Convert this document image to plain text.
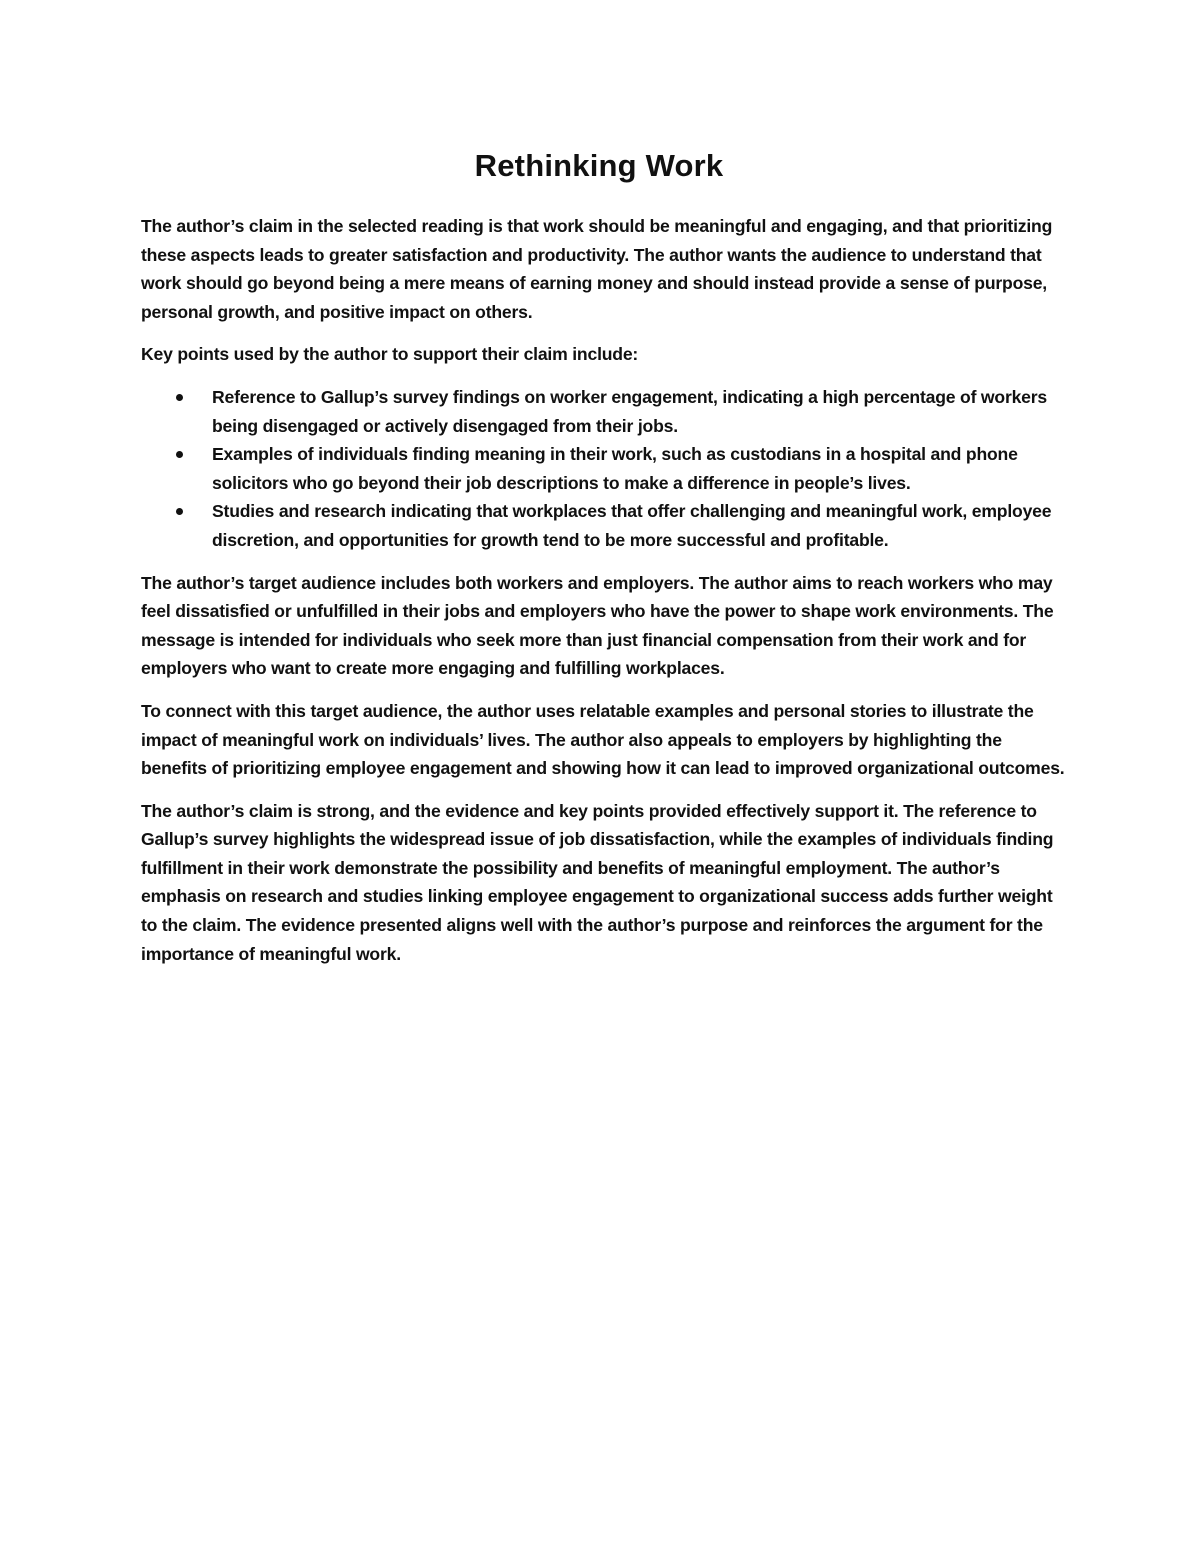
Rethinking Work

The author’s claim in the selected reading is that work should be meaningful and engaging, and that prioritizing these aspects leads to greater satisfaction and productivity. The author wants the audience to understand that work should go beyond being a mere means of earning money and should instead provide a sense of purpose, personal growth, and positive impact on others.

Key points used by the author to support their claim include:

Reference to Gallup’s survey findings on worker engagement, indicating a high percentage of workers being disengaged or actively disengaged from their jobs.
Examples of individuals finding meaning in their work, such as custodians in a hospital and phone solicitors who go beyond their job descriptions to make a difference in people’s lives.
Studies and research indicating that workplaces that offer challenging and meaningful work, employee discretion, and opportunities for growth tend to be more successful and profitable.

The author’s target audience includes both workers and employers. The author aims to reach workers who may feel dissatisfied or unfulfilled in their jobs and employers who have the power to shape work environments. The message is intended for individuals who seek more than just financial compensation from their work and for employers who want to create more engaging and fulfilling workplaces.

To connect with this target audience, the author uses relatable examples and personal stories to illustrate the impact of meaningful work on individuals’ lives. The author also appeals to employers by highlighting the benefits of prioritizing employee engagement and showing how it can lead to improved organizational outcomes.

The author’s claim is strong, and the evidence and key points provided effectively support it. The reference to Gallup’s survey highlights the widespread issue of job dissatisfaction, while the examples of individuals finding fulfillment in their work demonstrate the possibility and benefits of meaningful employment. The author’s emphasis on research and studies linking employee engagement to organizational success adds further weight to the claim. The evidence presented aligns well with the author’s purpose and reinforces the argument for the importance of meaningful work.
